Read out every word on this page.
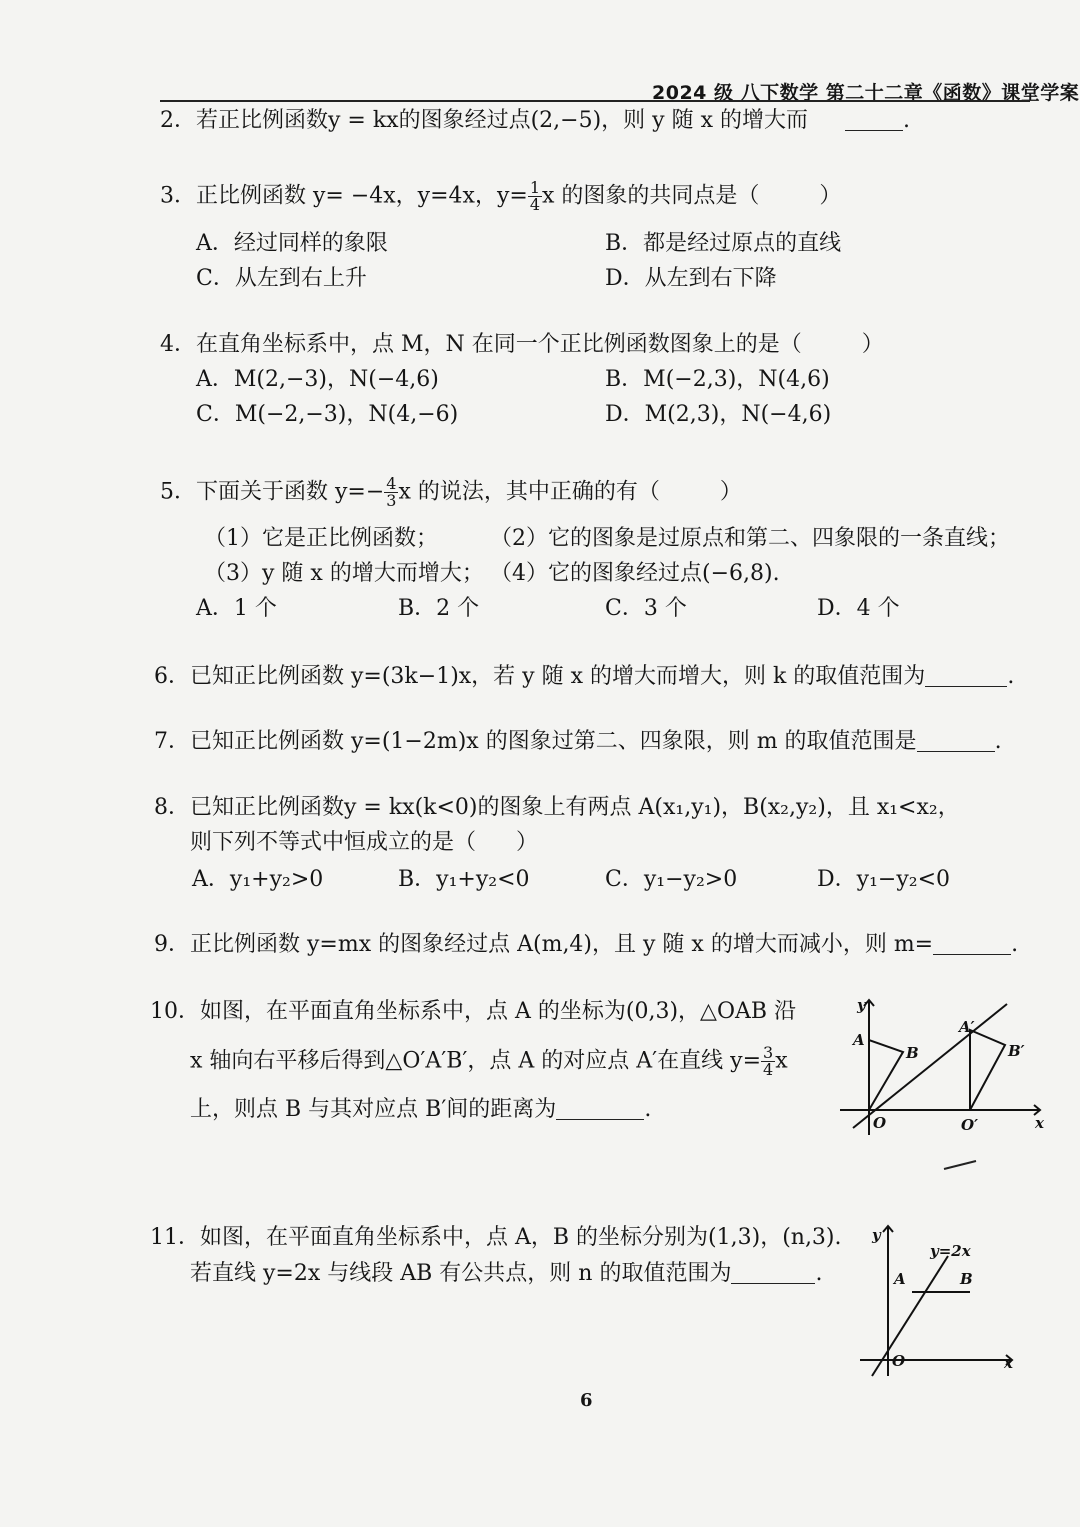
2024 级 八下数学 第二十二章《函数》课堂学案
2．若正比例函数y = kx的图象经过点(2,−5)，则 y 随 x 的增大而	.
3．正比例函数 y= −4x，y=4x，$y= \frac{1}{4}$ x 的图象的共同点是（	）
A．经过同样的象限	B．都是经过原点的直线
C．从左到右上升	D．从左到右下降
4．在直角坐标系中，点 M，N 在同一个正比例函数图象上的是（	）
A．M(2,−3)，N(−4,6)	B．M(−2,3)，N(4,6)
C．M(−2,−3)，N(4,−6)	D．M(2,3)，N(−4,6)
5．下面关于函数 $y=- \frac{4}{3}$ x 的说法，其中正确的有（	）
（1）它是正比例函数； （2）它的图象是过原点和第二、四象限的一条直线；
（3）y 随 x 的增大而增大； （4）它的图象经过点(−6,8).
A．1 个	B．2 个	C．3 个	D．4 个
6．已知正比例函数 y=(3k−1)x，若 y 随 x 的增大而增大，则 k 的取值范围为	.
7．已知正比例函数 y=(1−2m)x 的图象过第二、四象限，则 m 的取值范围是	.
8．已知正比例函数y = kx(k<0)的图象上有两点 A(x₁,y₁)，B(x₂,y₂)，且 x₁<x₂，
则下列不等式中恒成立的是（ ）
A．y₁+y₂>0	B．y₁+y₂<0	C．y₁−y₂>0	D．y₁−y₂<0
9．正比例函数 y=mx 的图象经过点 A(m,4)，且 y 随 x 的增大而减小，则 m=	.
10．如图，在平面直角坐标系中，点 A 的坐标为(0,3)，△OAB 沿
x 轴向右平移后得到△O′A′B′，点 A 的对应点 A′在直线 $y= \frac{3}{4}$ x
上，则点 B 与其对应点 B′间的距离为	.
y
x
A
B
A′
B′
O	O′
11．如图，在平面直角坐标系中，点 A，B 的坐标分别为(1,3)，(n,3).
若直线 y=2x 与线段 AB 有公共点，则 n 的取值范围为	.
y
x
A	B
O
y=2x
6
